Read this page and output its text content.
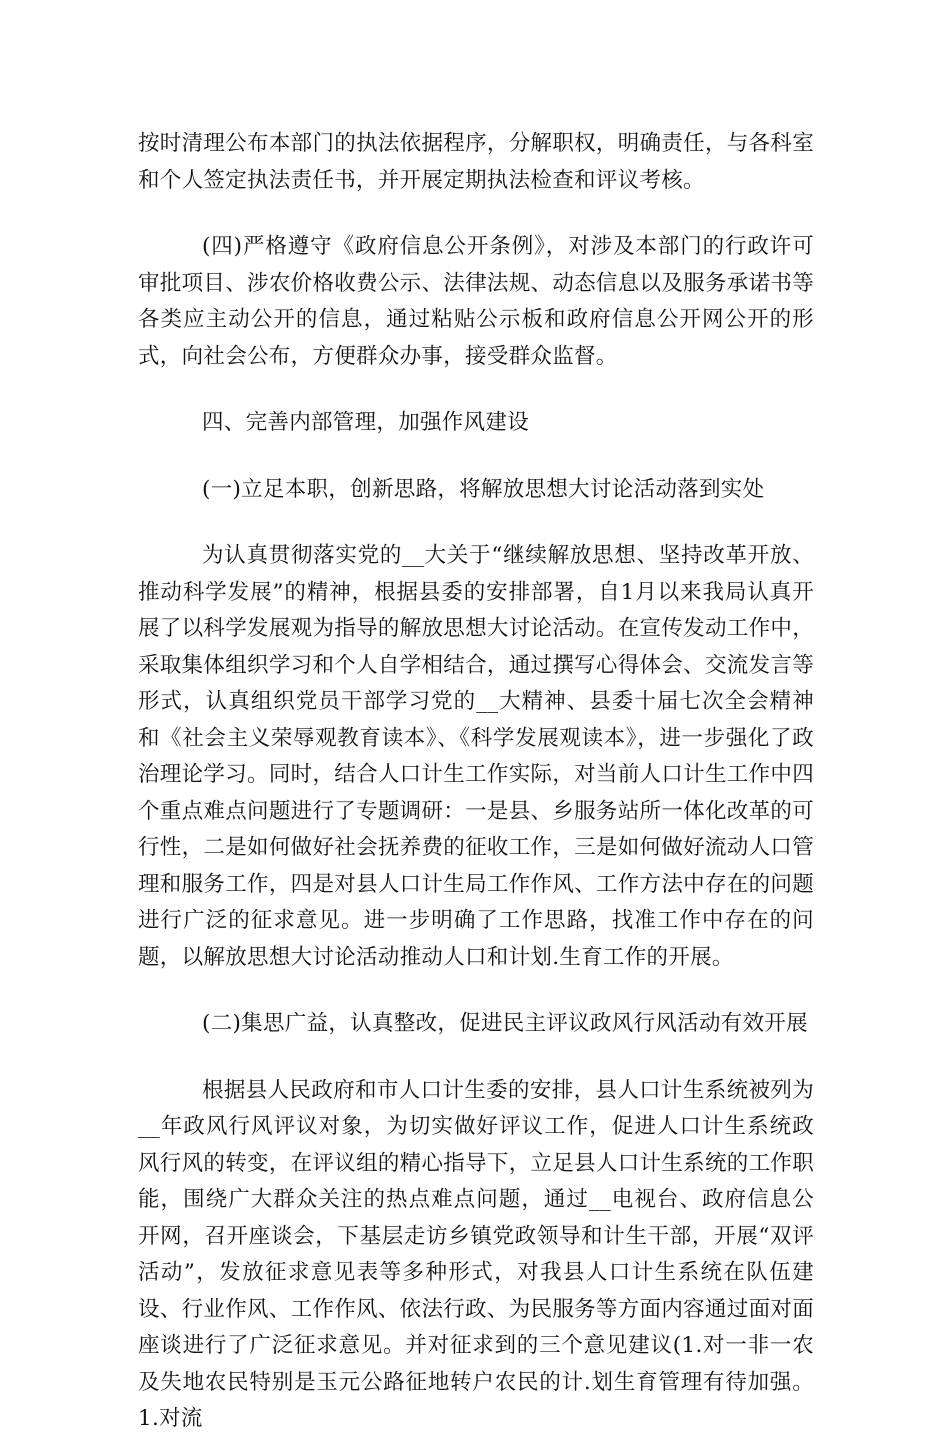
按时清理公布本部门的执法依据程序，分解职权，明确责任，与各科室和个人签定执法责任书，并开展定期执法检查和评议考核。

(四)严格遵守《政府信息公开条例》，对涉及本部门的行政许可审批项目、涉农价格收费公示、法律法规、动态信息以及服务承诺书等各类应主动公开的信息，通过粘贴公示板和政府信息公开网公开的形式，向社会公布，方便群众办事，接受群众监督。

四、完善内部管理，加强作风建设

(一)立足本职，创新思路，将解放思想大讨论活动落到实处

为认真贯彻落实党的__大关于“继续解放思想、坚持改革开放、推动科学发展”的精神，根据县委的安排部署，自1月以来我局认真开展了以科学发展观为指导的解放思想大讨论活动。在宣传发动工作中，采取集体组织学习和个人自学相结合，通过撰写心得体会、交流发言等形式，认真组织党员干部学习党的__大精神、县委十届七次全会精神和《社会主义荣辱观教育读本》、《科学发展观读本》，进一步强化了政治理论学习。同时，结合人口计生工作实际，对当前人口计生工作中四个重点难点问题进行了专题调研：一是县、乡服务站所一体化改革的可行性，二是如何做好社会抚养费的征收工作，三是如何做好流动人口管理和服务工作，四是对县人口计生局工作作风、工作方法中存在的问题进行广泛的征求意见。进一步明确了工作思路，找准工作中存在的问题，以解放思想大讨论活动推动人口和计划.生育工作的开展。

(二)集思广益，认真整改，促进民主评议政风行风活动有效开展

根据县人民政府和市人口计生委的安排，县人口计生系统被列为__年政风行风评议对象，为切实做好评议工作，促进人口计生系统政风行风的转变，在评议组的精心指导下，立足县人口计生系统的工作职能，围绕广大群众关注的热点难点问题，通过__电视台、政府信息公开网，召开座谈会，下基层走访乡镇党政领导和计生干部，开展“双评活动”，发放征求意见表等多种形式，对我县人口计生系统在队伍建设、行业作风、工作作风、依法行政、为民服务等方面内容通过面对面座谈进行了广泛征求意见。并对征求到的三个意见建议(1.对一非一农及失地农民特别是玉元公路征地转户农民的计.划生育管理有待加强。1.对流
